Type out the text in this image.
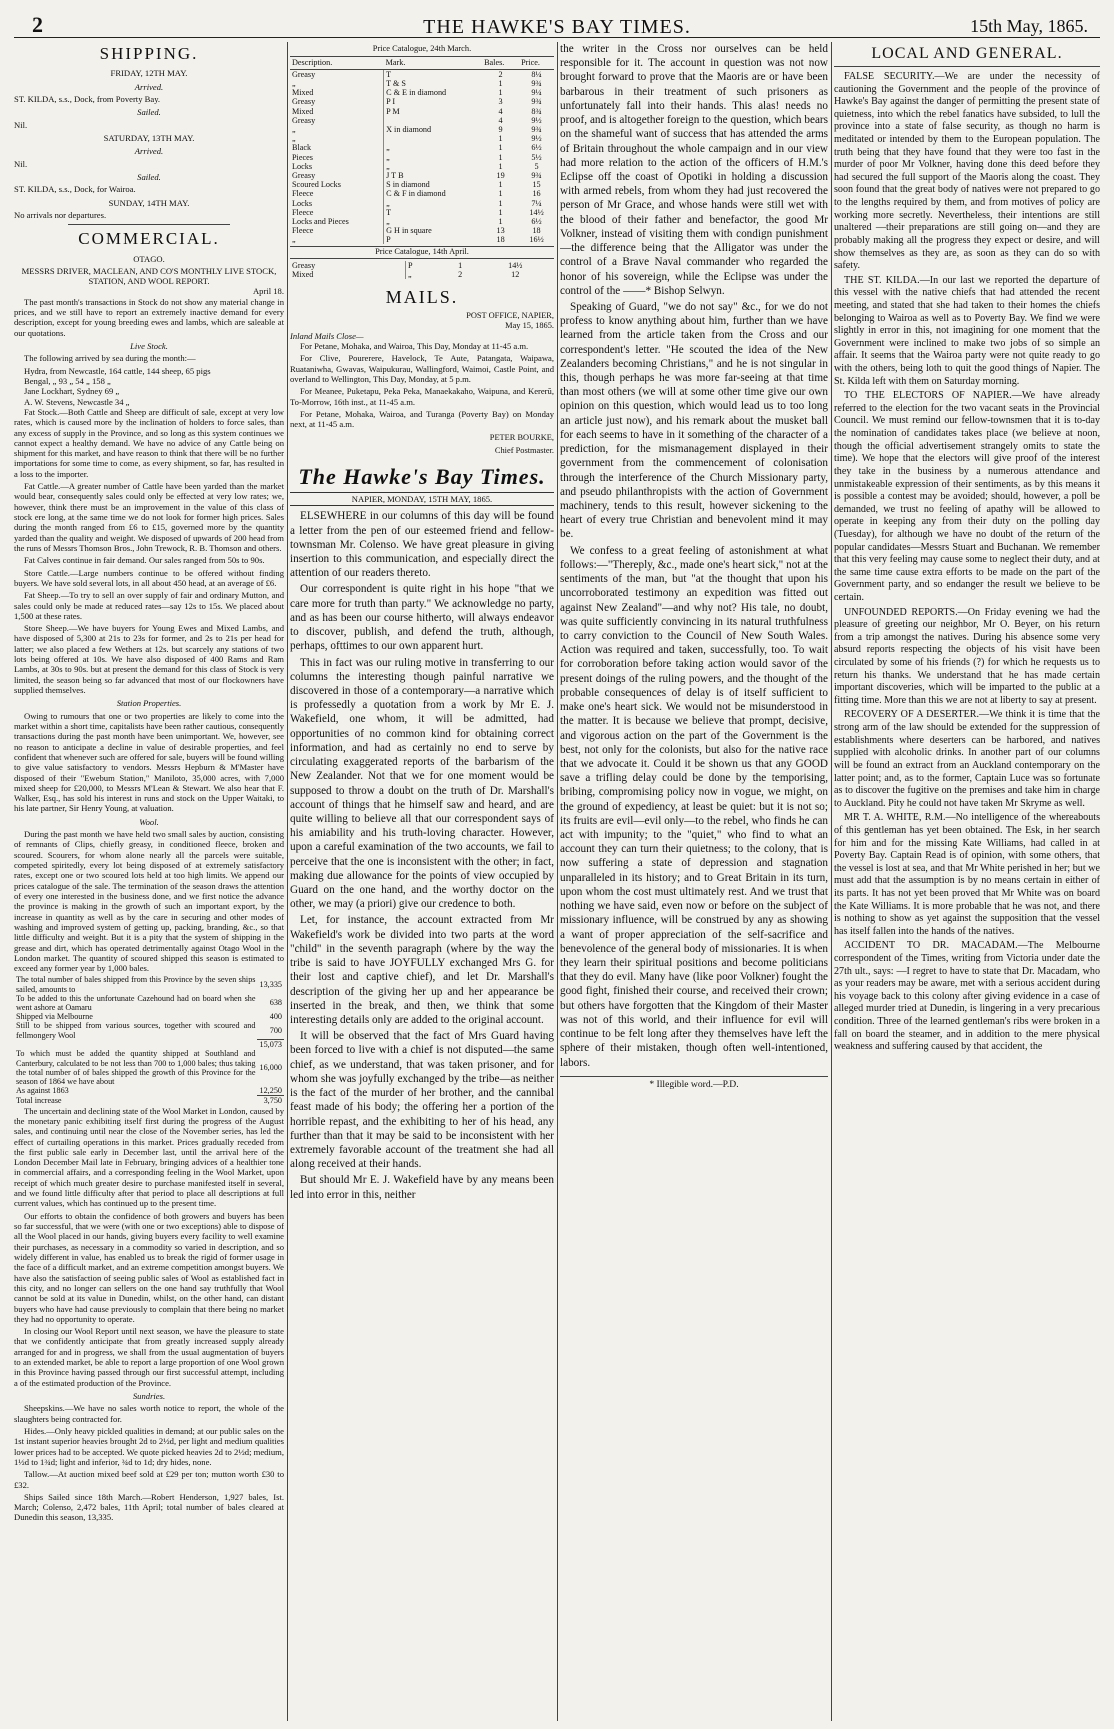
2	THE HAWKE'S BAY TIMES.	15th May, 1865.
SHIPPING.
FRIDAY, 12TH MAY.
Arrived.
ST. KILDA, s.s., Dock, from Poverty Bay.
Sailed.
Nil.
SATURDAY, 13TH MAY.
Arrived.
Nil.
Sailed.
ST. KILDA, s.s., Dock, for Wairoa.
SUNDAY, 14TH MAY.
No arrivals nor departures.
COMMERCIAL.
OTAGO.
MESSRS DRIVER, MACLEAN, AND CO'S MONTHLY LIVE STOCK, STATION, AND WOOL REPORT.
April 18.

The past month's transactions in Stock do not show any material change in prices, and we still have to report an extremely inactive demand for every description, except for young breeding ewes and lambs, which are saleable at our quotations.

Live Stock.

The following arrived by sea during the month:—

Hydra, from Newcastle, 164 cattle, 144 sheep, 65 pigs
Bengal, „ 93 „ 54 „ 158 „
Jane Lockhart, Sydney 69 „
A. W. Stevens, Newcastle 34 „

Fat Stock.—Both Cattle and Sheep are difficult of sale, except at very low rates, which is caused more by the inclination of holders to force sales, than any excess of supply in the Province, and so long as this system continues we cannot expect a healthy demand. We have no advice of any Cattle being on shipment for this market, and have reason to think that there will be no further importations for some time to come, as every shipment, so far, has resulted in a loss to the importer.

Fat Cattle.—A greater number of Cattle have been yarded than the market would bear, consequently sales could only be effected at very low rates; we, however, think there must be an improvement in the value of this class of stock ere long, at the same time we do not look for former high prices. Sales during the month ranged from £6 to £15, governed more by the quantity yarded than the quality and weight. We disposed of upwards of 200 head from the runs of Messrs Thomson Bros., John Trewock, R. B. Thomson and others.

Fat Calves continue in fair demand. Our sales ranged from 50s to 90s.

Store Cattle.—Large numbers continue to be offered without finding buyers. We have sold several lots, in all about 450 head, at an average of £6.

Fat Sheep.—To try to sell an over supply of fair and ordinary Mutton, and sales could only be made at reduced rates—say 12s to 15s. We placed about 1,500 at these rates.

Store Sheep.—We have buyers for Young Ewes and Mixed Lambs, and have disposed of 5,300 at 21s to 23s for former, and 2s to 21s per head for latter; we also placed a few Wethers at 12s. but scarcely any stations of two lots being offered at 10s. We have also disposed of 400 Rams and Ram Lambs, at 30s to 90s. but at present the demand for this class of Stock is very limited, the season being so far advanced that most of our flockowners have supplied themselves.

Station Properties.

Owing to rumours that one or two properties are likely to come into the market within a short time, capitalists have been rather cautious, consequently transactions during the past month have been unimportant. We, however, see no reason to anticipate a decline in value of desirable properties, and feel confident that whenever such are offered for sale, buyers will be found willing to give value satisfactory to vendors. Messrs Hepburn & M'Master have disposed of their "Ewebum Station," Maniloto, 35,000 acres, with 7,000 mixed sheep for £20,000, to Messrs M'Lean & Stewart. We also hear that F. Walker, Esq., has sold his interest in runs and stock on the Upper Waitaki, to his late partner, Sir Henry Young, at valuation.

Wool.

During the past month we have held two small sales by auction, consisting of remnants of Clips, chiefly greasy, in conditioned fleece, broken and scoured. Scourers, for whom alone nearly all the parcels were suitable, competed spiritedly, every lot being disposed of at extremely satisfactory rates, except one or two scoured lots held at too high limits. We append our prices catalogue of the sale. The termination of the season draws the attention of every one interested in the business done, and we first notice the advance the province is making in the growth of such an important export, by the increase in quantity as well as by the care in securing and other modes of washing and improved system of getting up, packing, branding, &c., so that little difficulty and weight. But it is a pity that the system of shipping in the grease and dirt, which has operated detrimentally against Otago Wool in the London market. The quantity of scoured shipped this season is estimated to exceed any former year by 1,000 bales.

The total number of bales shipped from this Province by the seven ships sailed, amounts to	13,335
To be added to this the unfortunate Cazehound had on board when she went ashore at Oamaru	638
Shipped via Melbourne	400
Still to be shipped from various sources, together with scoured and fellmongery Wool	700
	15,073
To which must be added the quantity shipped at Southland and Canterbury, calculated to be not less than 700 to 1,000 bales; thus taking the total number of of bales shipped the growth of this Province for the season of 1864 we have about	16,000
As against 1863	12,250
Total increase	3,750

The uncertain and declining state of the Wool Market in London, caused by the monetary panic exhibiting itself first during the progress of the August sales, and continuing until near the close of the November series, has led the effect of curtailing operations in this market. Prices gradually receded from the first public sale early in December last, until the arrival here of the London December Mail late in February, bringing advices of a healthier tone in commercial affairs, and a corresponding feeling in the Wool Market, upon receipt of which much greater desire to purchase manifested itself in several, and we found little difficulty after that period to place all descriptions at full current values, which has continued up to the present time.

Our efforts to obtain the confidence of both growers and buyers has been so far successful, that we were (with one or two exceptions) able to dispose of all the Wool placed in our hands, giving buyers every facility to well examine their purchases, as necessary in a commodity so varied in description, and so widely different in value, has enabled us to break the rigid of former usage in the face of a difficult market, and an extreme competition amongst buyers. We have also the satisfaction of seeing public sales of Wool as established fact in this city, and no longer can sellers on the one hand say truthfully that Wool cannot be sold at its value in Dunedin, whilst, on the other hand, can distant buyers who have had cause previously to complain that there being no market they had no opportunity to operate.

In closing our Wool Report until next season, we have the pleasure to state that we confidently anticipate that from greatly increased supply already arranged for and in progress, we shall from the usual augmentation of buyers to an extended market, be able to report a large proportion of one Wool grown in this Province having passed through our first successful attempt, including a of the estimated production of the Province.

Sundries.

Sheepskins.—We have no sales worth notice to report, the whole of the slaughters being contracted for.

Hides.—Only heavy pickled qualities in demand; at our public sales on the 1st instant superior heavies brought 2d to 2½d, per light and medium qualities lower prices had to be accepted. We quote picked heavies 2d to 2½d; medium, 1½d to 1¾d; light and inferior, ¾d to 1d; dry hides, none.

Tallow.—At auction mixed beef sold at £29 per ton; mutton worth £30 to £32.

Ships Sailed since 18th March.—Robert Henderson, 1,927 bales, Ist. March; Colenso, 2,472 bales, 11th April; total number of bales cleared at Dunedin this season, 13,335.

Price Catalogue, 24th March.
Description.	Mark.	Bales.	Price.
Greasy	T	2	8¼
„	T & S	1	9¾
Mixed	C & E in diamond	1	9¼
Greasy	P I	3	9¾
Mixed	P M	4	8¾
Greasy		4	9½
„	X in diamond	9	9¾
„		1	9½
Black	„	1	6½
Pieces	„	1	5½
Locks	„	1	5
Greasy	J T B	19	9¾
Scoured Locks	S in diamond	1	15
Fleece	C & F in diamond	1	16
Locks	„	1	7¼
Fleece	T	1	14½
Locks and Pieces	„	1	6½
Fleece	G H in square	13	18
„	P	18	16½
Price Catalogue, 14th April.
Greasy	P	1	14½
Mixed	„	2	12
MAILS.
POST OFFICE, NAPIER,
May 15, 1865.
Inland Mails Close—

For Petane, Mohaka, and Wairoa, This Day, Monday at 11-45 a.m.

For Clive, Pourerere, Havelock, Te Aute, Patangata, Waipawa, Ruataniwha, Gwavas, Waipukurau, Wallingford, Waimoi, Castle Point, and overland to Wellington, This Day, Monday, at 5 p.m.

For Meanee, Puketapu, Peka Peka, Manaekakaho, Waipuna, and Kererū, To-Morrow, 16th inst., at 11-45 a.m.

For Petane, Mohaka, Wairoa, and Turanga (Poverty Bay) on Monday next, at 11-45 a.m.

PETER BOURKE,
Chief Postmaster.
The Hawke's Bay Times.
NAPIER, MONDAY, 15TH MAY, 1865.

ELSEWHERE in our columns of this day will be found a letter from the pen of our esteemed friend and fellow-townsman Mr. Colenso. We have great pleasure in giving insertion to this communication, and especially direct the attention of our readers thereto.

Our correspondent is quite right in his hope "that we care more for truth than party." We acknowledge no party, and as has been our course hitherto, will always endeavor to discover, publish, and defend the truth, although, perhaps, ofttimes to our own apparent hurt.

This in fact was our ruling motive in transferring to our columns the interesting though painful narrative we discovered in those of a contemporary—a narrative which is professedly a quotation from a work by Mr E. J. Wakefield, one whom, it will be admitted, had opportunities of no common kind for obtaining correct information, and had as certainly no end to serve by circulating exaggerated reports of the barbarism of the New Zealander. Not that we for one moment would be supposed to throw a doubt on the truth of Dr. Marshall's account of things that he himself saw and heard, and are quite willing to believe all that our correspondent says of his amiability and his truth-loving character. However, upon a careful examination of the two accounts, we fail to perceive that the one is inconsistent with the other; in fact, making due allowance for the points of view occupied by Guard on the one hand, and the worthy doctor on the other, we may (a priori) give our credence to both.

Let, for instance, the account extracted from Mr Wakefield's work be divided into two parts at the word "child" in the seventh paragraph (where by the way the tribe is said to have JOYFULLY exchanged Mrs G. for their lost and captive chief), and let Dr. Marshall's description of the giving her up and her appearance be inserted in the break, and then, we think that some interesting details only are added to the original account.

It will be observed that the fact of Mrs Guard having been forced to live with a chief is not disputed—the same chief, as we understand, that was taken prisoner, and for whom she was joyfully exchanged by the tribe—as neither is the fact of the murder of her brother, and the cannibal feast made of his body; the offering her a portion of the horrible repast, and the exhibiting to her of his head, any further than that it may be said to be inconsistent with her extremely favorable account of the treatment she had all along received at their hands.

But should Mr E. J. Wakefield have by any means been led into error in this, neither

the writer in the Cross nor ourselves can be held responsible for it. The account in question was not now brought forward to prove that the Maoris are or have been barbarous in their treatment of such prisoners as unfortunately fall into their hands. This alas! needs no proof, and is altogether foreign to the question, which bears on the shameful want of success that has attended the arms of Britain throughout the whole campaign and in our view had more relation to the action of the officers of H.M.'s Eclipse off the coast of Opotiki in holding a discussion with armed rebels, from whom they had just recovered the person of Mr Grace, and whose hands were still wet with the blood of their father and benefactor, the good Mr Volkner, instead of visiting them with condign punishment—the difference being that the Alligator was under the control of a Brave Naval commander who regarded the honor of his sovereign, while the Eclipse was under the control of the ——* Bishop Selwyn.

Speaking of Guard, "we do not say" &c., for we do not profess to know anything about him, further than we have learned from the article taken from the Cross and our correspondent's letter. "He scouted the idea of the New Zealanders becoming Christians," and he is not singular in this, though perhaps he was more far-seeing at that time than most others (we will at some other time give our own opinion on this question, which would lead us to too long an article just now), and his remark about the musket ball for each seems to have in it something of the character of a prediction, for the mismanagement displayed in their government from the commencement of colonisation through the interference of the Church Missionary party, and pseudo philanthropists with the action of Government machinery, tends to this result, however sickening to the heart of every true Christian and benevolent mind it may be.

We confess to a great feeling of astonishment at what follows:—"Thereply, &c., made one's heart sick," not at the sentiments of the man, but "at the thought that upon his uncorroborated testimony an expedition was fitted out against New Zealand"—and why not? His tale, no doubt, was quite sufficiently convincing in its natural truthfulness to carry conviction to the Council of New South Wales. Action was required and taken, successfully, too. To wait for corroboration before taking action would savor of the present doings of the ruling powers, and the thought of the probable consequences of delay is of itself sufficient to make one's heart sick. We would not be misunderstood in the matter. It is because we believe that prompt, decisive, and vigorous action on the part of the Government is the best, not only for the colonists, but also for the native race that we advocate it. Could it be shown us that any GOOD save a trifling delay could be done by the temporising, bribing, compromising policy now in vogue, we might, on the ground of expediency, at least be quiet: but it is not so; its fruits are evil—evil only—to the rebel, who finds he can act with impunity; to the "quiet," who find to what an account they can turn their quietness; to the colony, that is now suffering a state of depression and stagnation unparalleled in its history; and to Great Britain in its turn, upon whom the cost must ultimately rest. And we trust that nothing we have said, even now or before on the subject of missionary influence, will be construed by any as showing a want of proper appreciation of the self-sacrifice and benevolence of the general body of missionaries. It is when they learn their spiritual positions and become politicians that they do evil. Many have (like poor Volkner) fought the good fight, finished their course, and received their crown; but others have forgotten that the Kingdom of their Master was not of this world, and their influence for evil will continue to be felt long after they themselves have left the sphere of their mistaken, though often well-intentioned, labors.

* Illegible word.—P.D.
LOCAL AND GENERAL.

FALSE SECURITY.—We are under the necessity of cautioning the Government and the people of the province of Hawke's Bay against the danger of permitting the present state of quietness, into which the rebel fanatics have subsided, to lull the province into a state of false security, as though no harm is meditated or intended by them to the European population. The truth being that they have found that they were too fast in the murder of poor Mr Volkner, having done this deed before they had secured the full support of the Maoris along the coast. They soon found that the great body of natives were not prepared to go to the lengths required by them, and from motives of policy are working more secretly. Nevertheless, their intentions are still unaltered —their preparations are still going on—and they are probably making all the progress they expect or desire, and will show themselves as they are, as soon as they can do so with safety.

THE ST. KILDA.—In our last we reported the departure of this vessel with the native chiefs that had attended the recent meeting, and stated that she had taken to their homes the chiefs belonging to Wairoa as well as to Poverty Bay. We find we were slightly in error in this, not imagining for one moment that the Government were inclined to make two jobs of so simple an affair. It seems that the Wairoa party were not quite ready to go with the others, being loth to quit the good things of Napier. The St. Kilda left with them on Saturday morning.

TO THE ELECTORS OF NAPIER.—We have already referred to the election for the two vacant seats in the Provincial Council. We must remind our fellow-townsmen that it is to-day the nomination of candidates takes place (we believe at noon, though the official advertisement strangely omits to state the time). We hope that the electors will give proof of the interest they take in the business by a numerous attendance and unmistakeable expression of their sentiments, as by this means it is possible a contest may be avoided; should, however, a poll be demanded, we trust no feeling of apathy will be allowed to operate in keeping any from their duty on the polling day (Tuesday), for although we have no doubt of the return of the popular candidates—Messrs Stuart and Buchanan. We remember that this very feeling may cause some to neglect their duty, and at the same time cause extra efforts to be made on the part of the Government party, and so endanger the result we believe to be certain.

UNFOUNDED REPORTS.—On Friday evening we had the pleasure of greeting our neighbor, Mr O. Beyer, on his return from a trip amongst the natives. During his absence some very absurd reports respecting the objects of his visit have been circulated by some of his friends (?) for which he requests us to return his thanks. We understand that he has made certain important discoveries, which will be imparted to the public at a fitting time. More than this we are not at liberty to say at present.

RECOVERY OF A DESERTER.—We think it is time that the strong arm of the law should be extended for the suppression of establishments where deserters can be harbored, and natives supplied with alcoholic drinks. In another part of our columns will be found an extract from an Auckland contemporary on the latter point; and, as to the former, Captain Luce was so fortunate as to discover the fugitive on the premises and take him in charge to Auckland. Pity he could not have taken Mr Skryme as well.

MR T. A. WHITE, R.M.—No intelligence of the whereabouts of this gentleman has yet been obtained. The Esk, in her search for him and for the missing Kate Williams, had called in at Poverty Bay. Captain Read is of opinion, with some others, that the vessel is lost at sea, and that Mr White perished in her; but we must add that the assumption is by no means certain in either of its parts. It has not yet been proved that Mr White was on board the Kate Williams. It is more probable that he was not, and there is nothing to show as yet against the supposition that the vessel has itself fallen into the hands of the natives.

ACCIDENT TO DR. MACADAM.—The Melbourne correspondent of the Times, writing from Victoria under date the 27th ult., says: —I regret to have to state that Dr. Macadam, who as your readers may be aware, met with a serious accident during his voyage back to this colony after giving evidence in a case of alleged murder tried at Dunedin, is lingering in a very precarious condition. Three of the learned gentleman's ribs were broken in a fall on board the steamer, and in addition to the mere physical weakness and suffering caused by that accident, the
